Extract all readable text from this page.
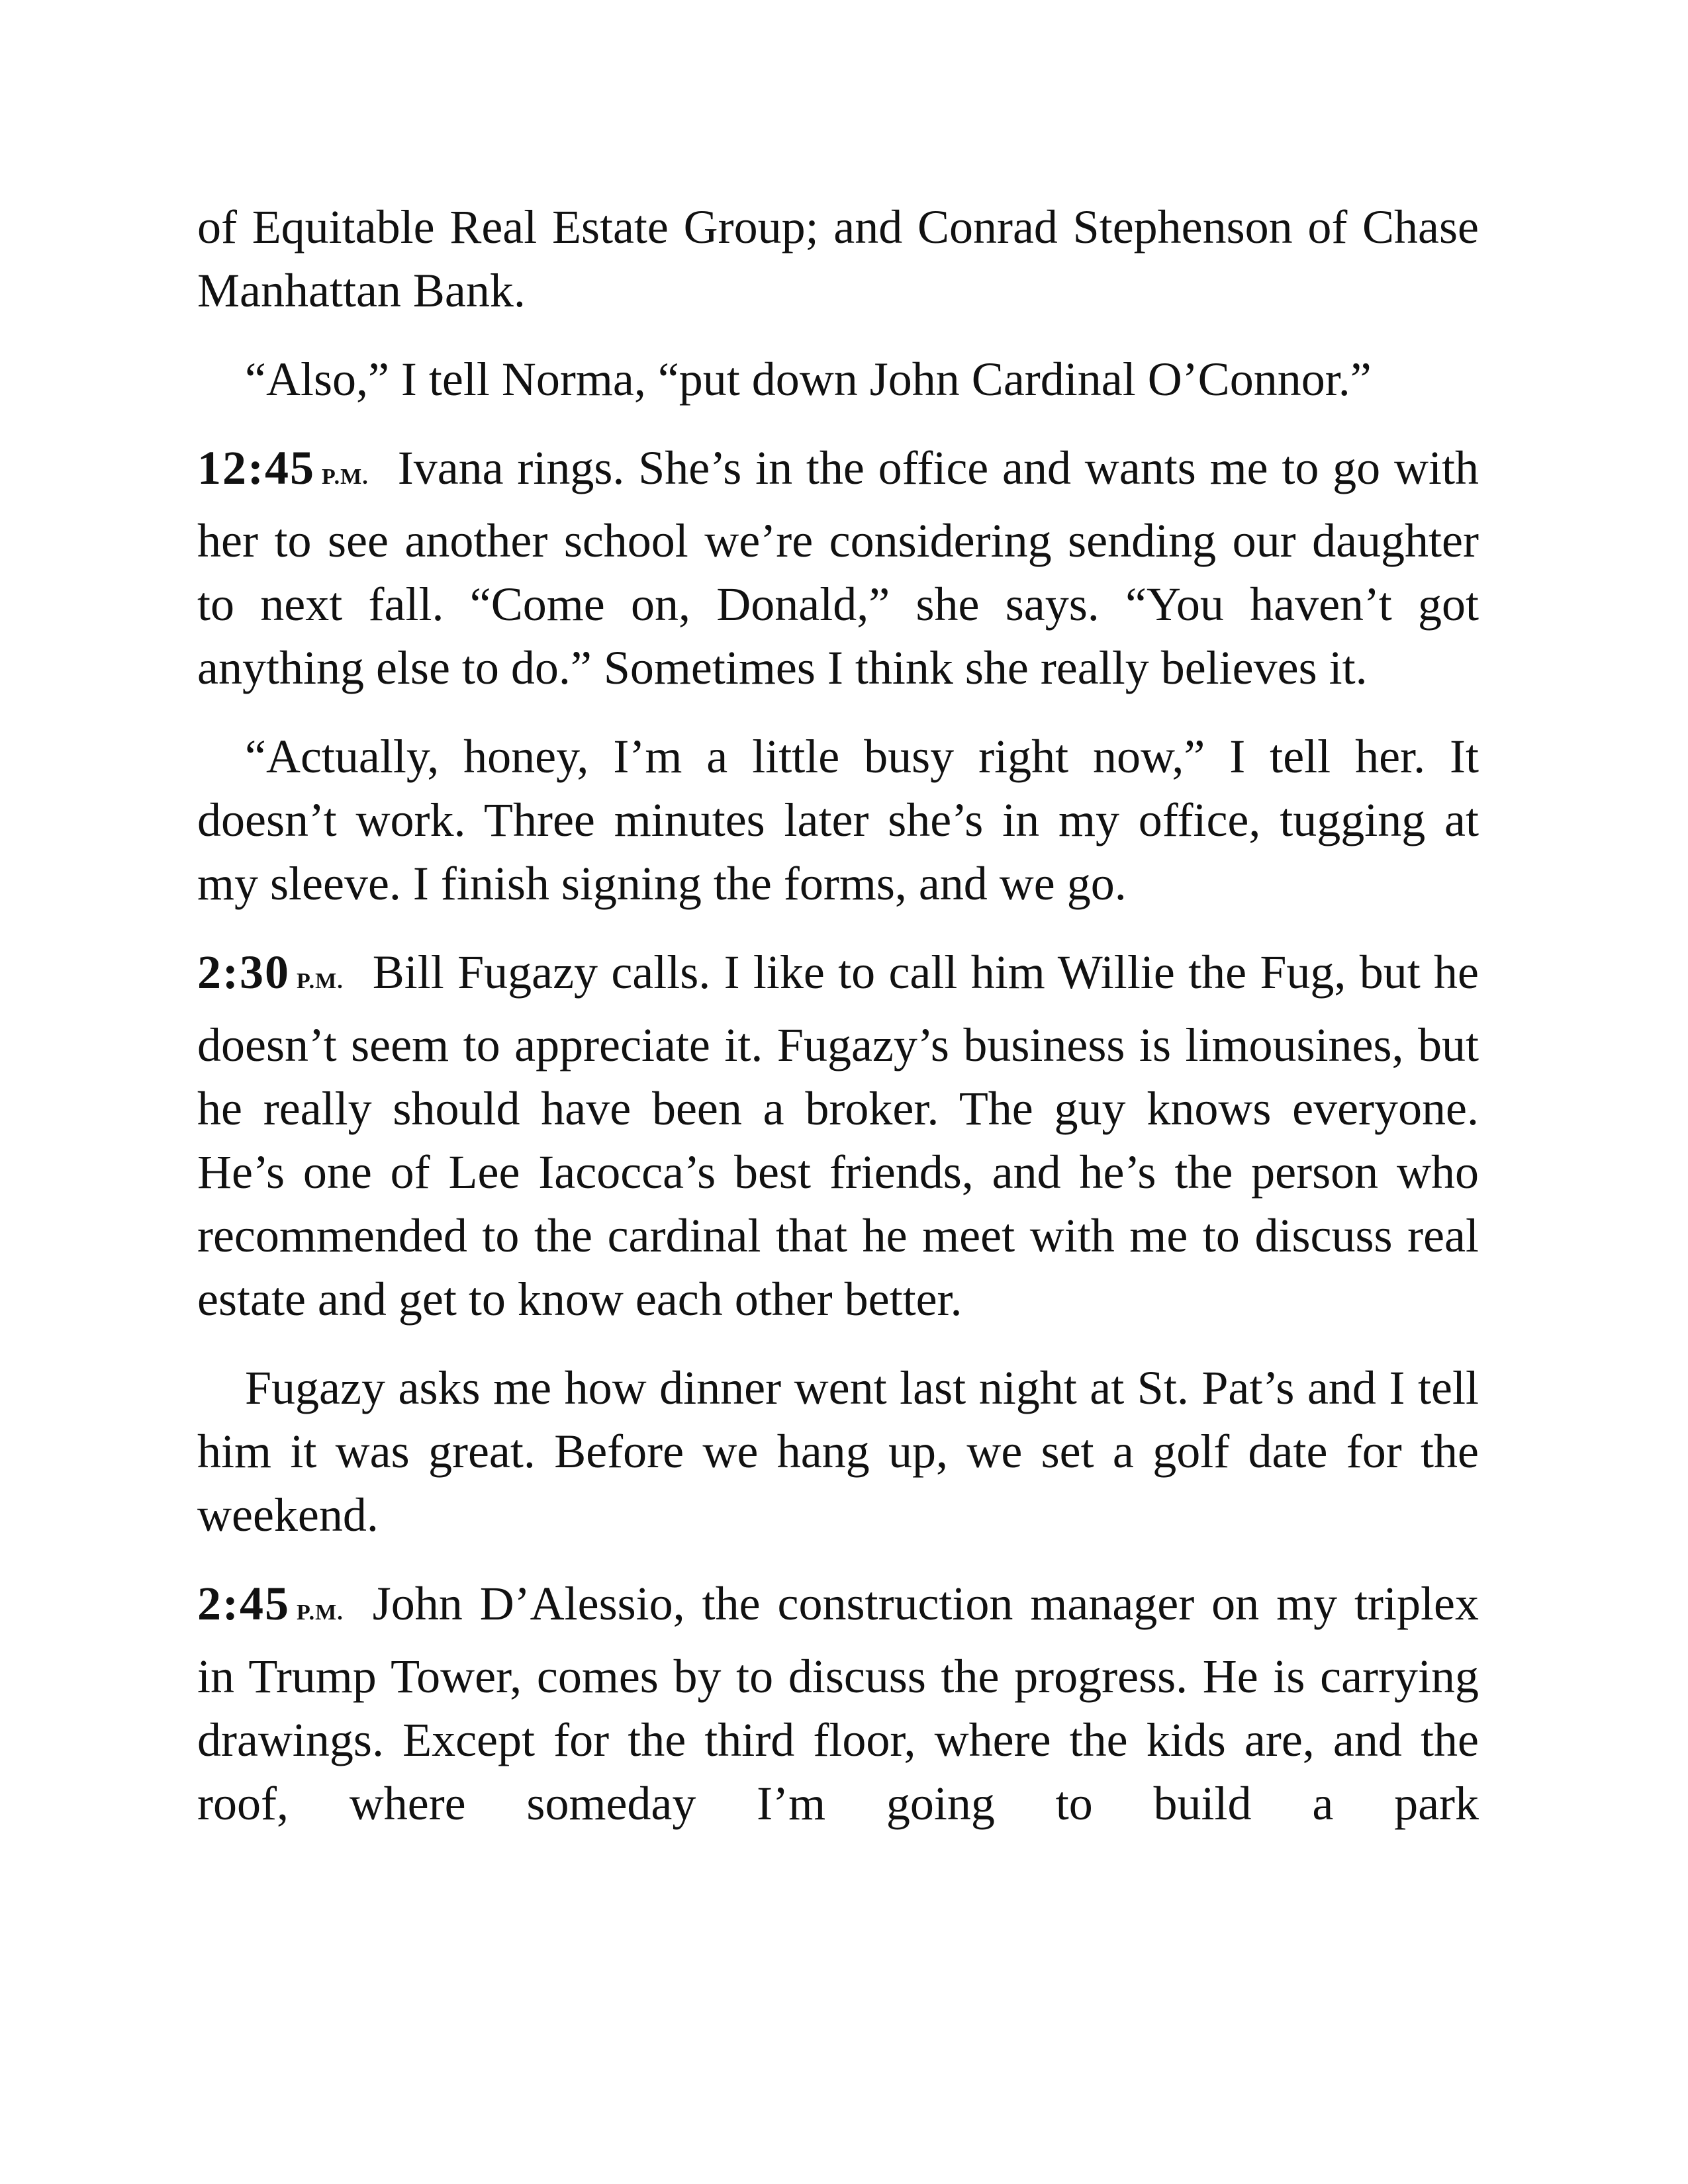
of Equitable Real Estate Group; and Conrad Stephenson of Chase Manhattan Bank.

“Also,” I tell Norma, “put down John Cardinal O’Connor.”

12:45 P.M. Ivana rings. She’s in the office and wants me to go with her to see another school we’re considering sending our daughter to next fall. “Come on, Donald,” she says. “You haven’t got anything else to do.” Sometimes I think she really believes it.

“Actually, honey, I’m a little busy right now,” I tell her. It doesn’t work. Three minutes later she’s in my office, tugging at my sleeve. I finish signing the forms, and we go.

2:30 P.M. Bill Fugazy calls. I like to call him Willie the Fug, but he doesn’t seem to appreciate it. Fugazy’s business is limousines, but he really should have been a broker. The guy knows everyone. He’s one of Lee Iacocca’s best friends, and he’s the person who recommended to the cardinal that he meet with me to discuss real estate and get to know each other better.

Fugazy asks me how dinner went last night at St. Pat’s and I tell him it was great. Before we hang up, we set a golf date for the weekend.

2:45 P.M. John D’Alessio, the construction manager on my triplex in Trump Tower, comes by to discuss the progress. He is carrying drawings. Except for the third floor, where the kids are, and the roof, where someday I’m going to build a park
